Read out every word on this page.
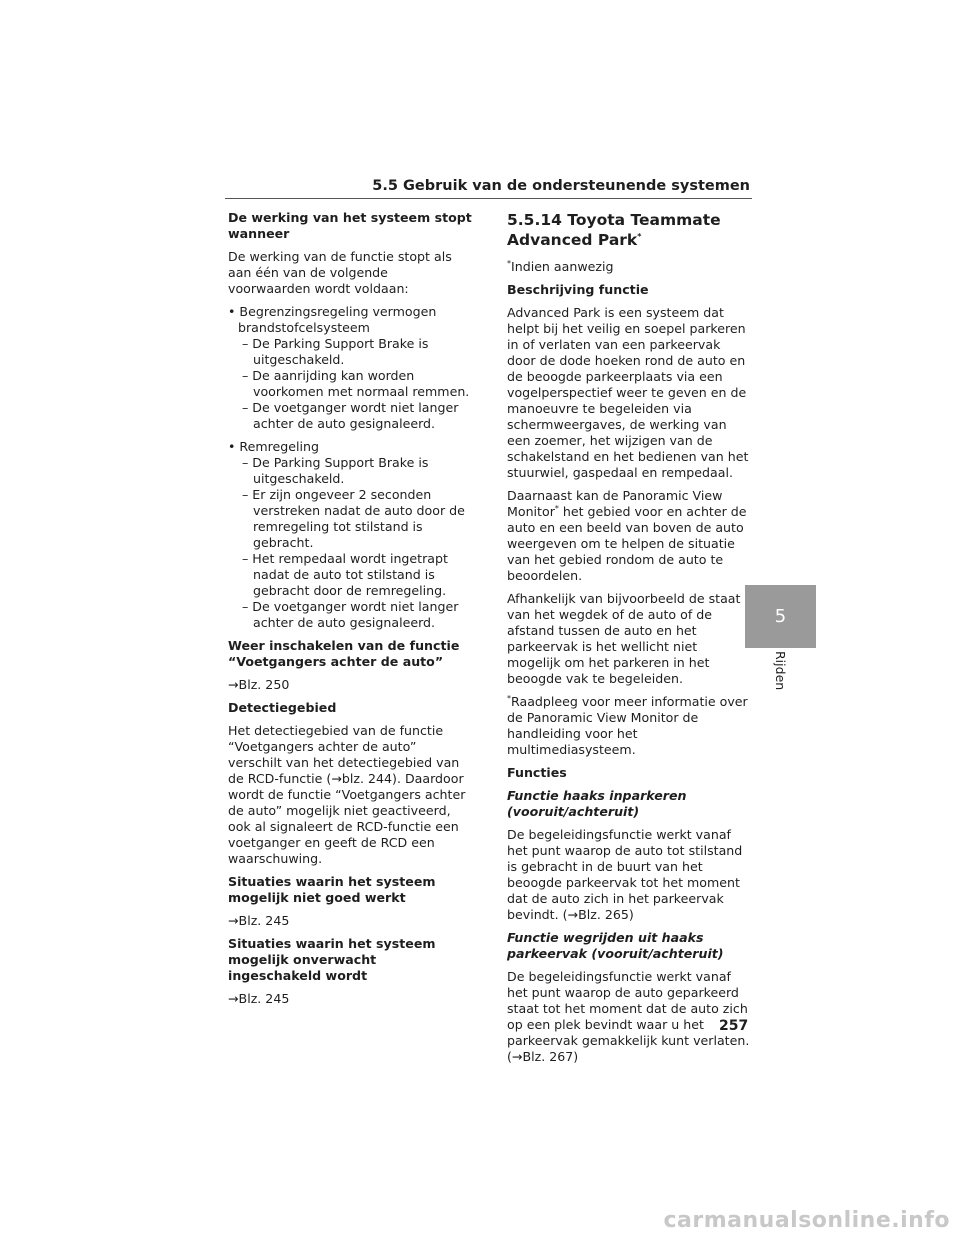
5.5 Gebruik van de ondersteunende systemen

De werking van het systeem stopt wanneer

De werking van de functie stopt als aan één van de volgende voorwaarden wordt voldaan:

• Begrenzingsregeling vermogen brandstofcelsysteem
– De Parking Support Brake is uitgeschakeld.
– De aanrijding kan worden voorkomen met normaal remmen.
– De voetganger wordt niet langer achter de auto gesignaleerd.
• Remregeling
– De Parking Support Brake is uitgeschakeld.
– Er zijn ongeveer 2 seconden verstreken nadat de auto door de remregeling tot stilstand is gebracht.
– Het rempedaal wordt ingetrapt nadat de auto tot stilstand is gebracht door de remregeling.
– De voetganger wordt niet langer achter de auto gesignaleerd.

Weer inschakelen van de functie “Voetgangers achter de auto”

→Blz. 250

Detectiegebied

Het detectiegebied van de functie “Voetgangers achter de auto” verschilt van het detectiegebied van de RCD-functie (→blz. 244). Daardoor wordt de functie “Voetgangers achter de auto” mogelijk niet geactiveerd, ook al signaleert de RCD-functie een voetganger en geeft de RCD een waarschuwing.

Situaties waarin het systeem mogelijk niet goed werkt

→Blz. 245

Situaties waarin het systeem mogelijk onverwacht ingeschakeld wordt

→Blz. 245

5.5.14 Toyota Teammate
Advanced Park*

*Indien aanwezig

Beschrijving functie

Advanced Park is een systeem dat helpt bij het veilig en soepel parkeren in of verlaten van een parkeervak door de dode hoeken rond de auto en de beoogde parkeerplaats via een vogelperspectief weer te geven en de manoeuvre te begeleiden via schermweergaves, de werking van een zoemer, het wijzigen van de schakelstand en het bedienen van het stuurwiel, gaspedaal en rempedaal.

Daarnaast kan de Panoramic View Monitor* het gebied voor en achter de auto en een beeld van boven de auto weergeven om te helpen de situatie van het gebied rondom de auto te beoordelen.

Afhankelijk van bijvoorbeeld de staat van het wegdek of de auto of de afstand tussen de auto en het parkeervak is het wellicht niet mogelijk om het parkeren in het beoogde vak te begeleiden.

*Raadpleeg voor meer informatie over de Panoramic View Monitor de handleiding voor het multimediasysteem.

Functies

Functie haaks inparkeren (vooruit/achteruit)

De begeleidingsfunctie werkt vanaf het punt waarop de auto tot stilstand is gebracht in de buurt van het beoogde parkeervak tot het moment dat de auto zich in het parkeervak bevindt. (→Blz. 265)

Functie wegrijden uit haaks parkeervak (vooruit/achteruit)

De begeleidingsfunctie werkt vanaf het punt waarop de auto geparkeerd staat tot het moment dat de auto zich op een plek bevindt waar u het parkeervak gemakkelijk kunt verlaten. (→Blz. 267)

5
Rijden
257
carmanualsonline.info
